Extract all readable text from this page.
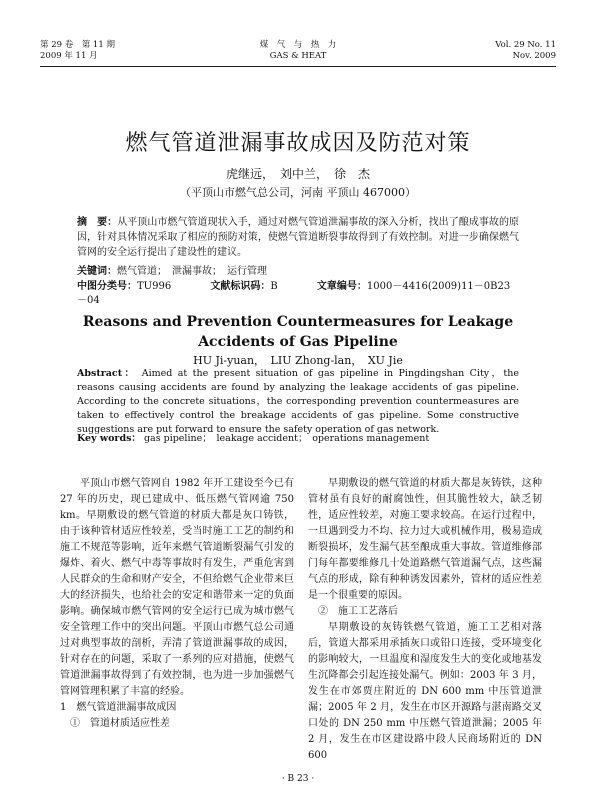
第 29 卷　第 11 期
2009 年 11 月
煤　气　与　热　力
GAS & HEAT
Vol. 29 No. 11
Nov. 2009
燃气管道泄漏事故成因及防范对策
虎继远，　刘中兰，　徐　杰
（平顶山市燃气总公司，河南 平顶山 467000）
摘　要：从平顶山市燃气管道现状入手，通过对燃气管道泄漏事故的深入分析，找出了酿成事故的原因，针对具体情况采取了相应的预防对策，使燃气管道断裂事故得到了有效控制。对进一步确保燃气管网的安全运行提出了建设性的建议。
关键词：燃气管道；　泄漏事故；　运行管理
中图分类号：TU996	文献标识码：B	文章编号：1000－4416(2009)11－0B23－04
Reasons and Prevention Countermeasures for Leakage
Accidents of Gas Pipeline
HU Ji-yuan，　LIU Zhong-lan，　XU Jie
Abstract： Aimed at the present situation of gas pipeline in Pingdingshan City，the reasons causing accidents are found by analyzing the leakage accidents of gas pipeline. According to the concrete situations，the corresponding prevention countermeasures are taken to effectively control the breakage accidents of gas pipeline. Some constructive suggestions are put forward to ensure the safety operation of gas network.
Key words： gas pipeline；　leakage accident；　operations management

平顶山市燃气管网自 1982 年开工建设至今已有 27 年的历史，现已建成中、低压燃气管网逾 750 km。早期敷设的燃气管道的材质大都是灰口铸铁，由于该种管材适应性较差，受当时施工工艺的制约和施工不规范等影响，近年来燃气管道断裂漏气引发的爆炸、着火、燃气中毒等事故时有发生，严重危害到人民群众的生命和财产安全，不但给燃气企业带来巨大的经济损失，也给社会的安定和谐带来一定的负面影响。确保城市燃气管网的安全运行已成为城市燃气安全管理工作中的突出问题。平顶山市燃气总公司通过对典型事故的剖析，弄清了管道泄漏事故的成因，针对存在的问题，采取了一系列的应对措施，使燃气管道泄漏事故得到了有效控制，也为进一步加强燃气管网管理积累了丰富的经验。

1　燃气管道泄漏事故成因

①　管道材质适应性差

早期敷设的燃气管道的材质大都是灰铸铁，这种管材虽有良好的耐腐蚀性，但其脆性较大，缺乏韧性，适应性较差，对施工要求较高。在运行过程中，一旦遇到受力不均、拉力过大或机械作用，极易造成断裂损坏，发生漏气甚至酿成重大事故。管道维修部门每年都要维修几十处道路燃气管道漏气点，这些漏气点的形成，除有种种诱发因素外，管材的适应性差是一个很重要的原因。

②　施工工艺落后

早期敷设的灰铸铁燃气管道，施工工艺相对落后，管道大都采用承插灰口或铅口连接，受环境变化的影响较大，一旦温度和湿度发生大的变化或地基发生沉降都会引起连接处漏气。例如：2003 年 3 月，发生在市郊贾庄附近的 DN 600 mm 中压管道泄漏；2005 年 2 月，发生在市区开源路与湛南路交叉口处的 DN 250 mm 中压燃气管道泄漏；2005 年 2 月，发生在市区建设路中段人民商场附近的 DN 600

· B 23 ·
